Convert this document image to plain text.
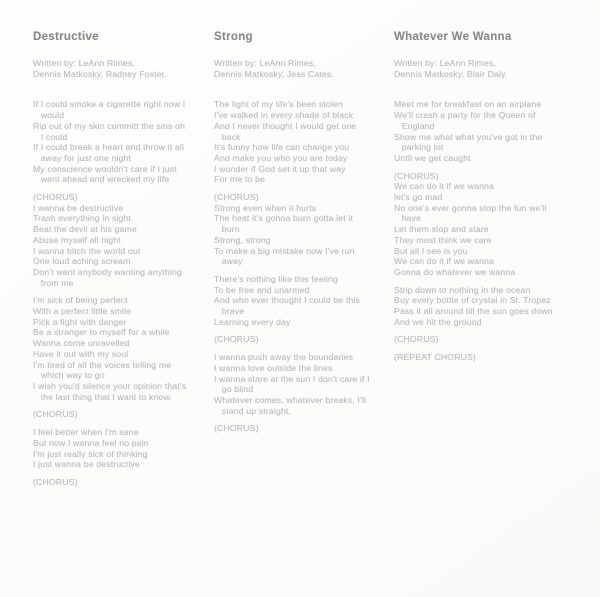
Destructive
Written by: LeAnn Rimes,
Dennis Matkosky, Radney Foster.
If I could smoke a cigarette right now I
would
Rip out of my skin committ the sins oh
I could
If I could break a heart and throw it all
away for just one night
My conscience wouldn't care if I just
went ahead and wrecked my life
(CHORUS)
I wanna be destructive
Trash everything in sight
Beat the devil at his game
Abuse myself all night
I wanna bitch the world out
One loud aching scream
Don't want anybody wanting anything
from me
I'm sick of being perfect
With a perfect little smile
Pick a fight with danger
Be a stranger to myself for a while
Wanna come unravelled
Have it out with my soul
I'm tired of all the voices telling me
which way to go
I wish you'd silence your opinion that's
the last thing that I want to know.
(CHORUS)
I feel better when I'm sane
But now I wanna feel no pain
I'm just really sick of thinking
I just wanna be destructive
(CHORUS)
Strong
Written by: LeAnn Rimes,
Dennis Matkosky, Jess Cates.
The light of my life's been stolen
I've walked in every shade of black
And I never thought I would get one
back
It's funny how life can change you
And make you who you are today
I wonder if God set it up that way
For me to be
(CHORUS)
Strong even when it hurts
The heat it's gonna burn gotta let it
burn
Strong, strong
To make a big mistake now I've run
away
There's nothing like this feeling
To be free and unarmed
And who ever thought I could be this
brave
Learning every day
(CHORUS)
I wanna push away the boundaries
I wanna love outside the lines
I wanna stare at the sun I don't care if I
go blind
Whatever comes, whatever breaks, I'll
stand up straight.
(CHORUS)
Whatever We Wanna
Written by: LeAnn Rimes,
Dennis Matkosky, Blair Daly.
Meet me for breakfast on an airplane
We'll crash a party for the Queen of
England
Show me what what you've got in the
parking lot
Until we get caught
(CHORUS)
We can do it if we wanna
let's go mad
No one's ever gonna stop the fun we'll
have
Let them stop and stare
They must think we care
But all I see is you
We can do it if we wanna
Gonna do whatever we wanna
Strip down to nothing in the ocean
Buy every bottle of crystal in St. Tropez
Pass it all around till the sun goes down
And we hit the ground
(CHORUS)
(REPEAT CHORUS)
